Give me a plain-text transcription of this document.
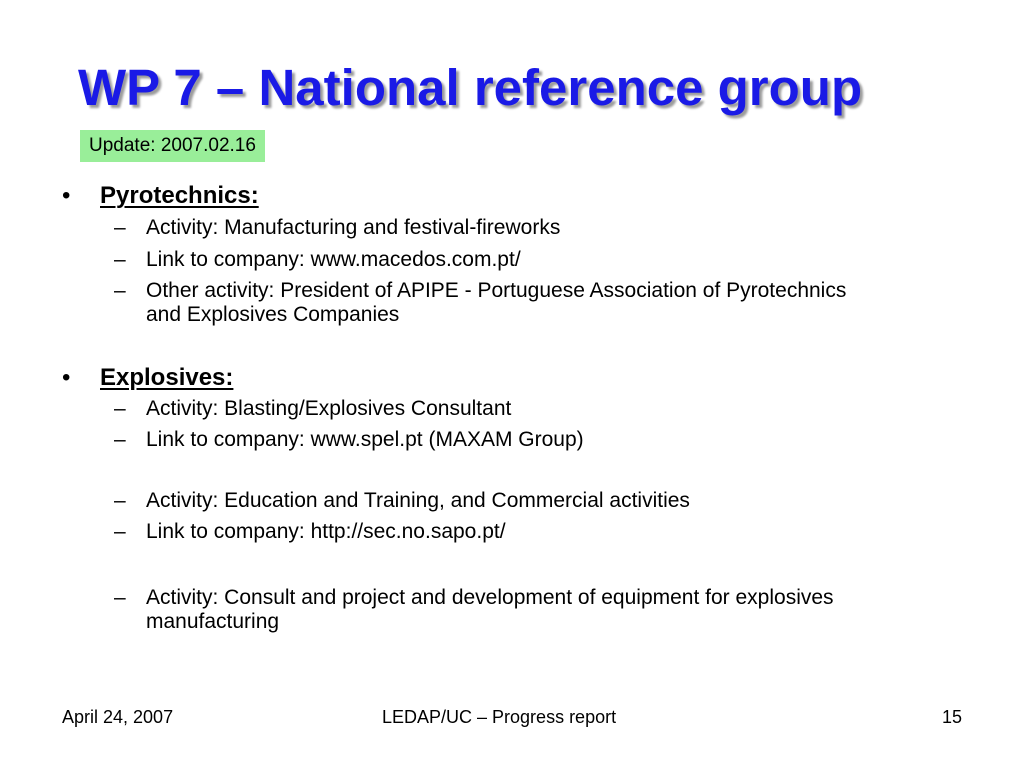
WP 7 – National reference group
Update: 2007.02.16
• Pyrotechnics:
– Activity: Manufacturing and festival-fireworks
– Link to company: www.macedos.com.pt/
– Other activity: President of APIPE - Portuguese Association of Pyrotechnics and Explosives Companies
• Explosives:
– Activity: Blasting/Explosives Consultant
– Link to company: www.spel.pt (MAXAM Group)
– Activity: Education and Training, and Commercial activities
– Link to company: http://sec.no.sapo.pt/
– Activity: Consult and project and development of equipment for explosives manufacturing
April 24, 2007	LEDAP/UC – Progress report	15
